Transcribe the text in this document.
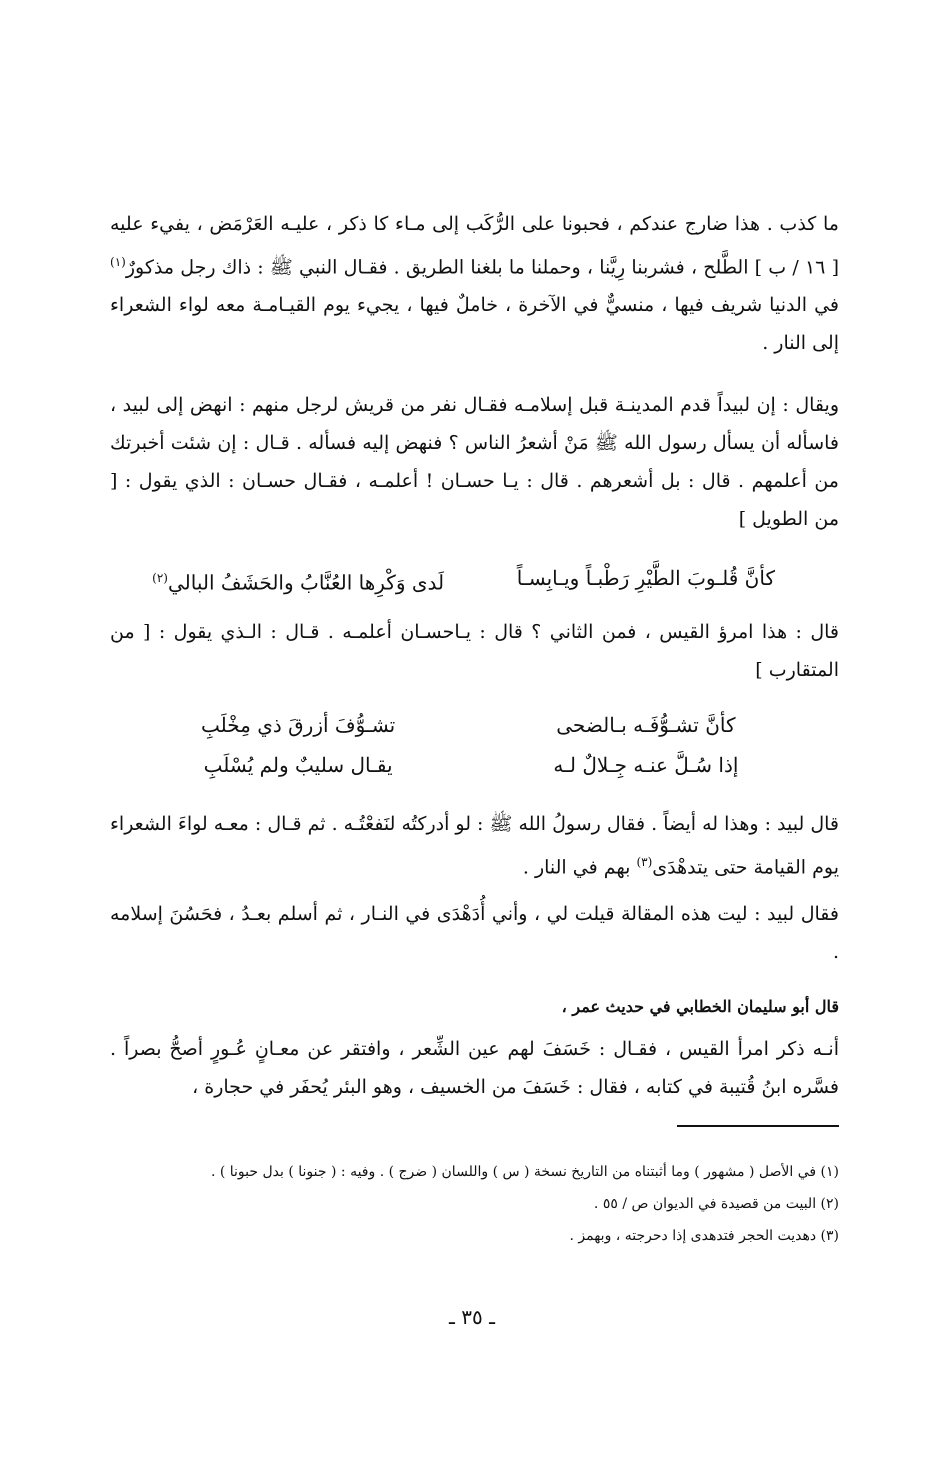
ما كذب . هذا ضارج عندكم ، فحبونا على الرُّكَب إلى مـاء كا ذكر ، عليـه العَرْمَض ، يفيء عليه [ ١٦ / ب ] الطَّلح ، فشربنا رِيَّنا ، وحملنا ما بلغنا الطريق . فقـال النبي ﷺ : ذاك رجل مذكورٌ$^{(١)}$ في الدنيا شريف فيها ، منسيٌّ في الآخرة ، خاملٌ فيها ، يجيء يوم القيـامـة معه لواء الشعراء إلى النار .

ويقال : إن لبيداً قدم المدينـة قبل إسلامـه فقـال نفر من قريش لرجل منهم : انهض إلى لبيد ، فاسأله أن يسأل رسول الله ﷺ مَنْ أشعرُ الناس ؟ فنهض إليه فسأله . قـال : إن شئت أخبرتك من أعلمهم . قال : بل أشعرهم . قال : يـا حسـان ! أعلمـه ، فقـال حسـان : الذي يقول : [ من الطويل ]

كأنَّ قُلـوبَ الطَّيْرِ رَطْبـاً ويـابِسـاً
لَدى وَكْرِها العُنَّابُ والحَشَفُ البالي$^{(٢)}$

قال : هذا امرؤ القيس ، فمن الثاني ؟ قال : يـاحسـان أعلمـه . قـال : الـذي يقول : [ من المتقارب ]

كأنَّ تشـوُّفَـه بـالضحى
تشـوُّفَ أزرقَ ذي مِخْلَبِ
إذا سُـلَّ عنـه جِـلالٌ لـه
يقـال سليبٌ ولم يُسْلَبِ

قال لبيد : وهذا له أيضاً . فقال رسولُ الله ﷺ : لو أدركتُه لنَفعْتُـه . ثم قـال : معـه لواءَ الشعراء يوم القيامة حتى يتدهْدَى$^{(٣)}$ بهم في النار .

فقال لبيد : ليت هذه المقالة قيلت لي ، وأني أُدَهْدَى في النـار ، ثم أسلم بعـدُ ، فحَسُنَ إسلامه .

قال أبو سليمان الخطابي في حديث عمر ،

أنـه ذكر امرأ القيس ، فقـال : خَسَفَ لهم عين الشِّعر ، وافتقر عن معـانٍ عُـورٍ أصحُّ بصراً . فسَّره ابنُ قُتيبة في كتابه ، فقال : خَسَفَ من الخسيف ، وهو البئر يُحفَر في حجارة ،

(١) في الأصل ( مشهور ) وما أثبتناه من التاريخ نسخة ( س ) واللسان ( ضرج ) . وفيه : ( جنونا ) بدل حبونا ) .

(٢) البيت من قصيدة في الديوان ص / ٥٥ .

(٣) دهديت الحجر فتدهدى إذا دحرجته ، وبهمز .

ـ ٣٥ ـ
